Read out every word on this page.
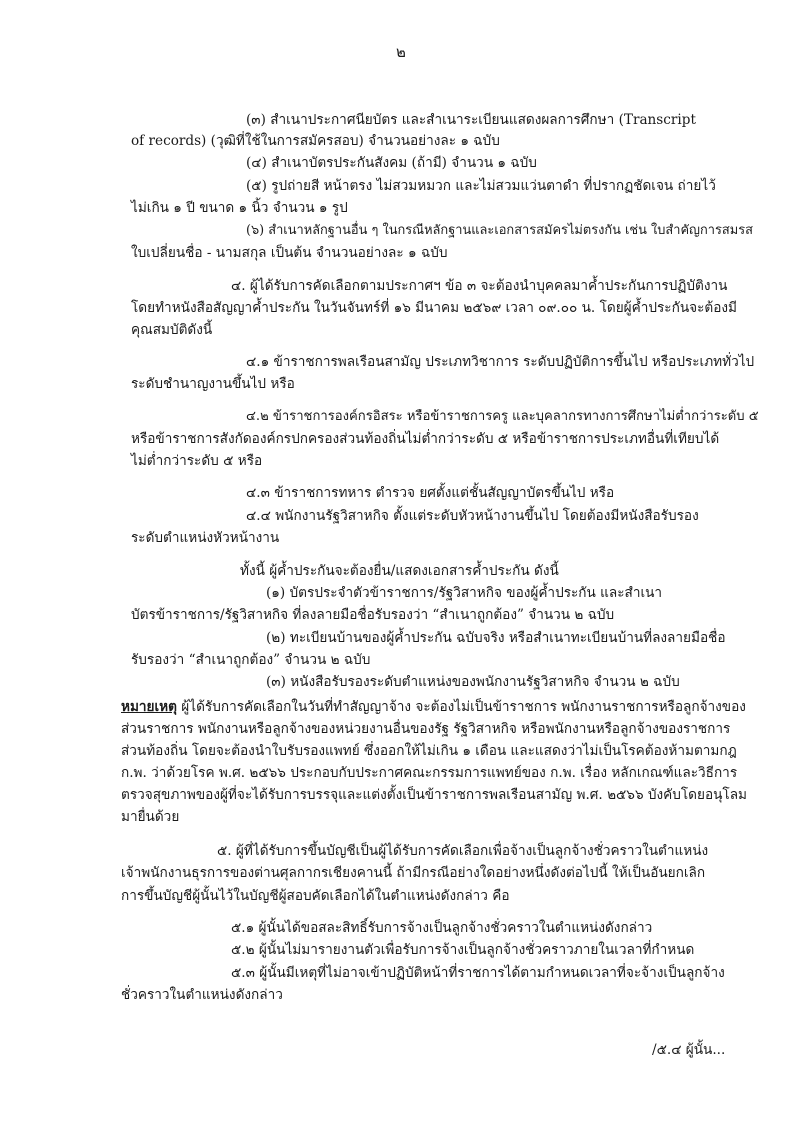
๒
(๓) สำเนาประกาศนียบัตร และสำเนาระเบียนแสดงผลการศึกษา (Transcript
of records) (วุฒิที่ใช้ในการสมัครสอบ) จำนวนอย่างละ ๑ ฉบับ
(๔) สำเนาบัตรประกันสังคม (ถ้ามี) จำนวน ๑ ฉบับ
(๕) รูปถ่ายสี หน้าตรง ไม่สวมหมวก และไม่สวมแว่นตาดำ ที่ปรากฏชัดเจน ถ่ายไว้
ไม่เกิน ๑ ปี ขนาด ๑ นิ้ว จำนวน ๑ รูป
(๖) สำเนาหลักฐานอื่น ๆ ในกรณีหลักฐานและเอกสารสมัครไม่ตรงกัน เช่น ใบสำคัญการสมรส
ใบเปลี่ยนชื่อ - นามสกุล เป็นต้น จำนวนอย่างละ ๑ ฉบับ
๔. ผู้ได้รับการคัดเลือกตามประกาศฯ ข้อ ๓ จะต้องนำบุคคลมาค้ำประกันการปฏิบัติงาน
โดยทำหนังสือสัญญาค้ำประกัน ในวันจันทร์ที่ ๑๖ มีนาคม ๒๕๖๙ เวลา ๐๙.๐๐ น. โดยผู้ค้ำประกันจะต้องมี
คุณสมบัติดังนี้
๔.๑ ข้าราชการพลเรือนสามัญ ประเภทวิชาการ ระดับปฏิบัติการขึ้นไป หรือประเภททั่วไป
ระดับชำนาญงานขึ้นไป หรือ
๔.๒ ข้าราชการองค์กรอิสระ หรือข้าราชการครู และบุคลากรทางการศึกษาไม่ต่ำกว่าระดับ ๕
หรือข้าราชการสังกัดองค์กรปกครองส่วนท้องถิ่นไม่ต่ำกว่าระดับ ๕ หรือข้าราชการประเภทอื่นที่เทียบได้
ไม่ต่ำกว่าระดับ ๕ หรือ
๔.๓ ข้าราชการทหาร ตำรวจ ยศตั้งแต่ชั้นสัญญาบัตรขึ้นไป หรือ
๔.๔ พนักงานรัฐวิสาหกิจ ตั้งแต่ระดับหัวหน้างานขึ้นไป โดยต้องมีหนังสือรับรอง
ระดับตำแหน่งหัวหน้างาน
ทั้งนี้ ผู้ค้ำประกันจะต้องยื่น/แสดงเอกสารค้ำประกัน ดังนี้
(๑) บัตรประจำตัวข้าราชการ/รัฐวิสาหกิจ ของผู้ค้ำประกัน และสำเนา
บัตรข้าราชการ/รัฐวิสาหกิจ ที่ลงลายมือชื่อรับรองว่า “สำเนาถูกต้อง” จำนวน ๒ ฉบับ
(๒) ทะเบียนบ้านของผู้ค้ำประกัน ฉบับจริง หรือสำเนาทะเบียนบ้านที่ลงลายมือชื่อ
รับรองว่า “สำเนาถูกต้อง” จำนวน ๒ ฉบับ
(๓) หนังสือรับรองระดับตำแหน่งของพนักงานรัฐวิสาหกิจ จำนวน ๒ ฉบับ
หมายเหตุ ผู้ได้รับการคัดเลือกในวันที่ทำสัญญาจ้าง จะต้องไม่เป็นข้าราชการ พนักงานราชการหรือลูกจ้างของ
ส่วนราชการ พนักงานหรือลูกจ้างของหน่วยงานอื่นของรัฐ รัฐวิสาหกิจ หรือพนักงานหรือลูกจ้างของราชการ
ส่วนท้องถิ่น โดยจะต้องนำใบรับรองแพทย์ ซึ่งออกให้ไม่เกิน ๑ เดือน และแสดงว่าไม่เป็นโรคต้องห้ามตามกฎ
ก.พ. ว่าด้วยโรค พ.ศ. ๒๕๖๖ ประกอบกับประกาศคณะกรรมการแพทย์ของ ก.พ. เรื่อง หลักเกณฑ์และวิธีการ
ตรวจสุขภาพของผู้ที่จะได้รับการบรรจุและแต่งตั้งเป็นข้าราชการพลเรือนสามัญ พ.ศ. ๒๕๖๖ บังคับโดยอนุโลม
มายื่นด้วย
๕. ผู้ที่ได้รับการขึ้นบัญชีเป็นผู้ได้รับการคัดเลือกเพื่อจ้างเป็นลูกจ้างชั่วคราวในตำแหน่ง
เจ้าพนักงานธุรการของต่านศุลกากรเชียงคานนี้ ถ้ามีกรณีอย่างใดอย่างหนึ่งดังต่อไปนี้ ให้เป็นอันยกเลิก
การขึ้นบัญชีผู้นั้นไว้ในบัญชีผู้สอบคัดเลือกได้ในตำแหน่งดังกล่าว คือ
๕.๑ ผู้นั้นได้ขอสละสิทธิ์รับการจ้างเป็นลูกจ้างชั่วคราวในตำแหน่งดังกล่าว
๕.๒ ผู้นั้นไม่มารายงานตัวเพื่อรับการจ้างเป็นลูกจ้างชั่วคราวภายในเวลาที่กำหนด
๕.๓ ผู้นั้นมีเหตุที่ไม่อาจเข้าปฏิบัติหน้าที่ราชการได้ตามกำหนดเวลาที่จะจ้างเป็นลูกจ้าง
ชั่วคราวในตำแหน่งดังกล่าว
/๕.๔ ผู้นั้น...
